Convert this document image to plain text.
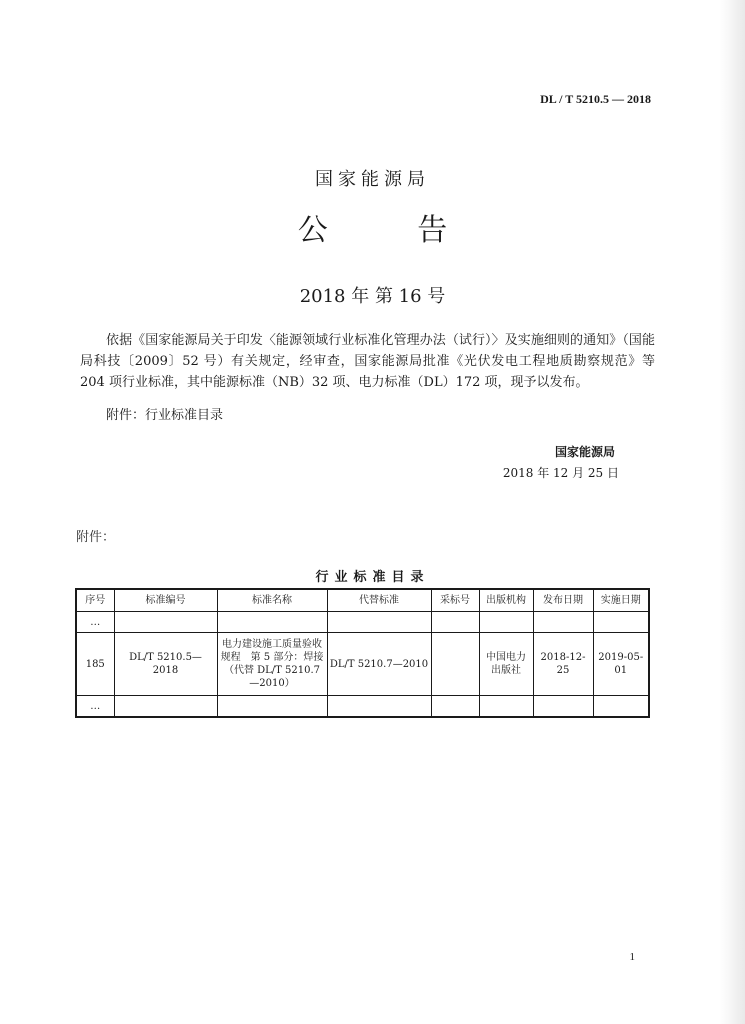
DL / T 5210.5 — 2018
国家能源局
公 告
2018 年 第 16 号
依据《国家能源局关于印发〈能源领域行业标准化管理办法（试行）〉及实施细则的通知》（国能局科技〔2009〕52 号）有关规定，经审查，国家能源局批准《光伏发电工程地质勘察规范》等 204 项行业标准，其中能源标准（NB）32 项、电力标准（DL）172 项，现予以发布。
附件：行业标准目录
国家能源局
2018 年 12 月 25 日
附件：
行业标准目录
序号	标准编号	标准名称	代替标准	采标号	出版机构	发布日期	实施日期
…							
185	DL/T 5210.5—2018	电力建设施工质量验收规程　第 5 部分：焊接（代替 DL/T 5210.7—2010）	DL/T 5210.7—2010		中国电力出版社	2018-12-25	2019-05-01
…							
1
